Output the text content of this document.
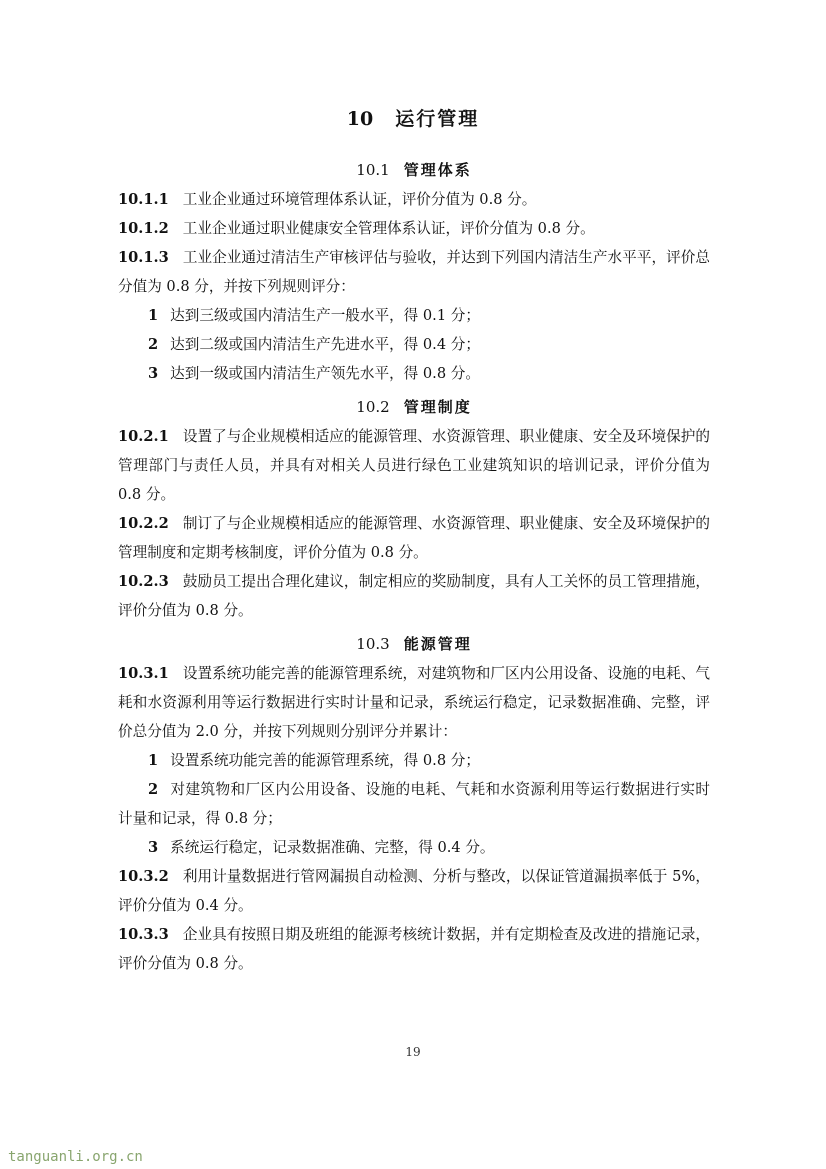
10 运行管理
10.1 管理体系

10.1.1 工业企业通过环境管理体系认证，评价分值为 0.8 分。

10.1.2 工业企业通过职业健康安全管理体系认证，评价分值为 0.8 分。

10.1.3 工业企业通过清洁生产审核评估与验收，并达到下列国内清洁生产水平平，评价总分值为 0.8 分，并按下列规则评分：

1 达到三级或国内清洁生产一般水平，得 0.1 分；

2 达到二级或国内清洁生产先进水平，得 0.4 分；

3 达到一级或国内清洁生产领先水平，得 0.8 分。

10.2 管理制度

10.2.1 设置了与企业规模相适应的能源管理、水资源管理、职业健康、安全及环境保护的管理部门与责任人员，并具有对相关人员进行绿色工业建筑知识的培训记录，评价分值为 0.8 分。

10.2.2 制订了与企业规模相适应的能源管理、水资源管理、职业健康、安全及环境保护的管理制度和定期考核制度，评价分值为 0.8 分。

10.2.3 鼓励员工提出合理化建议，制定相应的奖励制度，具有人工关怀的员工管理措施，评价分值为 0.8 分。

10.3 能源管理

10.3.1 设置系统功能完善的能源管理系统，对建筑物和厂区内公用设备、设施的电耗、气耗和水资源利用等运行数据进行实时计量和记录，系统运行稳定，记录数据准确、完整，评价总分值为 2.0 分，并按下列规则分别评分并累计：

1 设置系统功能完善的能源管理系统，得 0.8 分；

2 对建筑物和厂区内公用设备、设施的电耗、气耗和水资源利用等运行数据进行实时计量和记录，得 0.8 分；

3 系统运行稳定，记录数据准确、完整，得 0.4 分。

10.3.2 利用计量数据进行管网漏损自动检测、分析与整改，以保证管道漏损率低于 5%，评价分值为 0.4 分。

10.3.3 企业具有按照日期及班组的能源考核统计数据，并有定期检查及改进的措施记录，评价分值为 0.8 分。

19
tanguanli.org.cn
